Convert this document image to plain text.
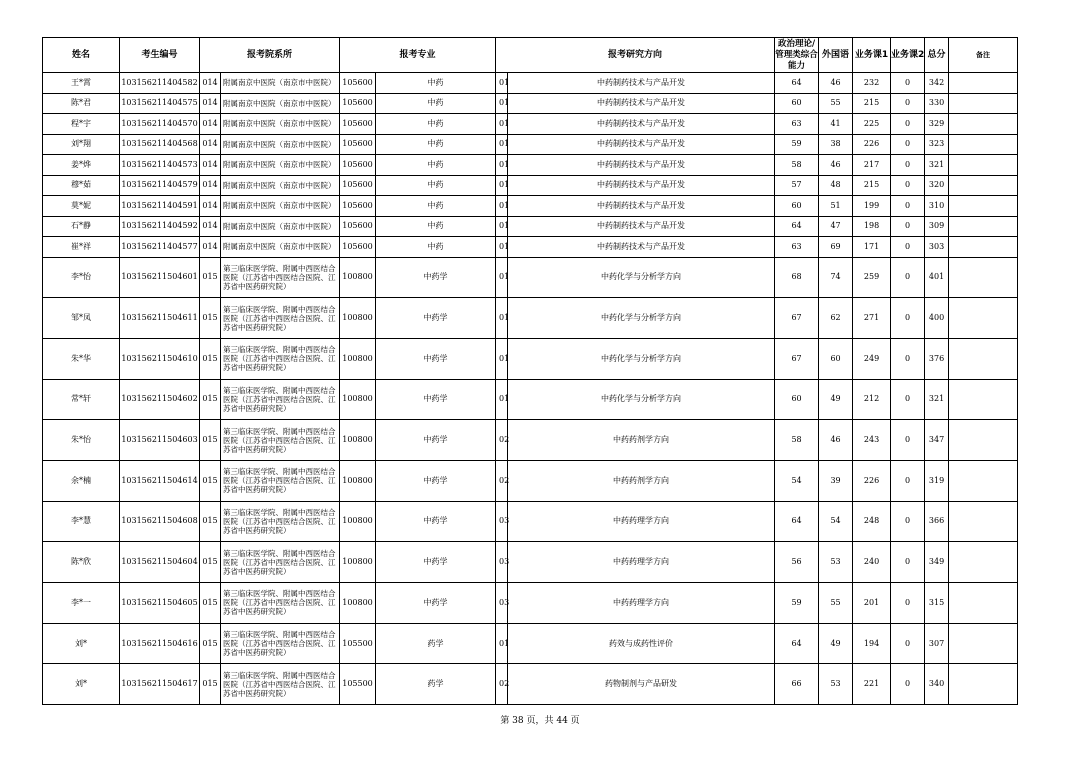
姓名	考生编号	报考院系所		报考专业		报考研究方向		政治理论/管理类综合能力	外国语	业务课1	业务课2	总分	备注
王*霄	103156211404582	014	附属南京中医院（南京市中医院）	105600	中药	01	中药制药技术与产品开发	64	46	232	0	342	
陈*君	103156211404575	014	附属南京中医院（南京市中医院）	105600	中药	01	中药制药技术与产品开发	60	55	215	0	330	
程*宇	103156211404570	014	附属南京中医院（南京市中医院）	105600	中药	01	中药制药技术与产品开发	63	41	225	0	329	
刘*翔	103156211404568	014	附属南京中医院（南京市中医院）	105600	中药	01	中药制药技术与产品开发	59	38	226	0	323	
姜*烨	103156211404573	014	附属南京中医院（南京市中医院）	105600	中药	01	中药制药技术与产品开发	58	46	217	0	321	
穆*茹	103156211404579	014	附属南京中医院（南京市中医院）	105600	中药	01	中药制药技术与产品开发	57	48	215	0	320	
莫*妮	103156211404591	014	附属南京中医院（南京市中医院）	105600	中药	01	中药制药技术与产品开发	60	51	199	0	310	
石*静	103156211404592	014	附属南京中医院（南京市中医院）	105600	中药	01	中药制药技术与产品开发	64	47	198	0	309	
崔*祥	103156211404577	014	附属南京中医院（南京市中医院）	105600	中药	01	中药制药技术与产品开发	63	69	171	0	303	
李*怡	103156211504601	015	第三临床医学院、附属中西医结合医院（江苏省中西医结合医院、江苏省中医药研究院）	100800	中药学	01	中药化学与分析学方向	68	74	259	0	401	
邹*凤	103156211504611	015	第三临床医学院、附属中西医结合医院（江苏省中西医结合医院、江苏省中医药研究院）	100800	中药学	01	中药化学与分析学方向	67	62	271	0	400	
朱*华	103156211504610	015	第三临床医学院、附属中西医结合医院（江苏省中西医结合医院、江苏省中医药研究院）	100800	中药学	01	中药化学与分析学方向	67	60	249	0	376	
常*轩	103156211504602	015	第三临床医学院、附属中西医结合医院（江苏省中西医结合医院、江苏省中医药研究院）	100800	中药学	01	中药化学与分析学方向	60	49	212	0	321	
朱*怡	103156211504603	015	第三临床医学院、附属中西医结合医院（江苏省中西医结合医院、江苏省中医药研究院）	100800	中药学	02	中药药剂学方向	58	46	243	0	347	
余*楠	103156211504614	015	第三临床医学院、附属中西医结合医院（江苏省中西医结合医院、江苏省中医药研究院）	100800	中药学	02	中药药剂学方向	54	39	226	0	319	
李*慧	103156211504608	015	第三临床医学院、附属中西医结合医院（江苏省中西医结合医院、江苏省中医药研究院）	100800	中药学	03	中药药理学方向	64	54	248	0	366	
陈*欣	103156211504604	015	第三临床医学院、附属中西医结合医院（江苏省中西医结合医院、江苏省中医药研究院）	100800	中药学	03	中药药理学方向	56	53	240	0	349	
李*一	103156211504605	015	第三临床医学院、附属中西医结合医院（江苏省中西医结合医院、江苏省中医药研究院）	100800	中药学	03	中药药理学方向	59	55	201	0	315	
刘*	103156211504616	015	第三临床医学院、附属中西医结合医院（江苏省中西医结合医院、江苏省中医药研究院）	105500	药学	01	药效与成药性评价	64	49	194	0	307	
刘*	103156211504617	015	第三临床医学院、附属中西医结合医院（江苏省中西医结合医院、江苏省中医药研究院）	105500	药学	02	药物制剂与产品研发	66	53	221	0	340	
第 38 页，共 44 页
